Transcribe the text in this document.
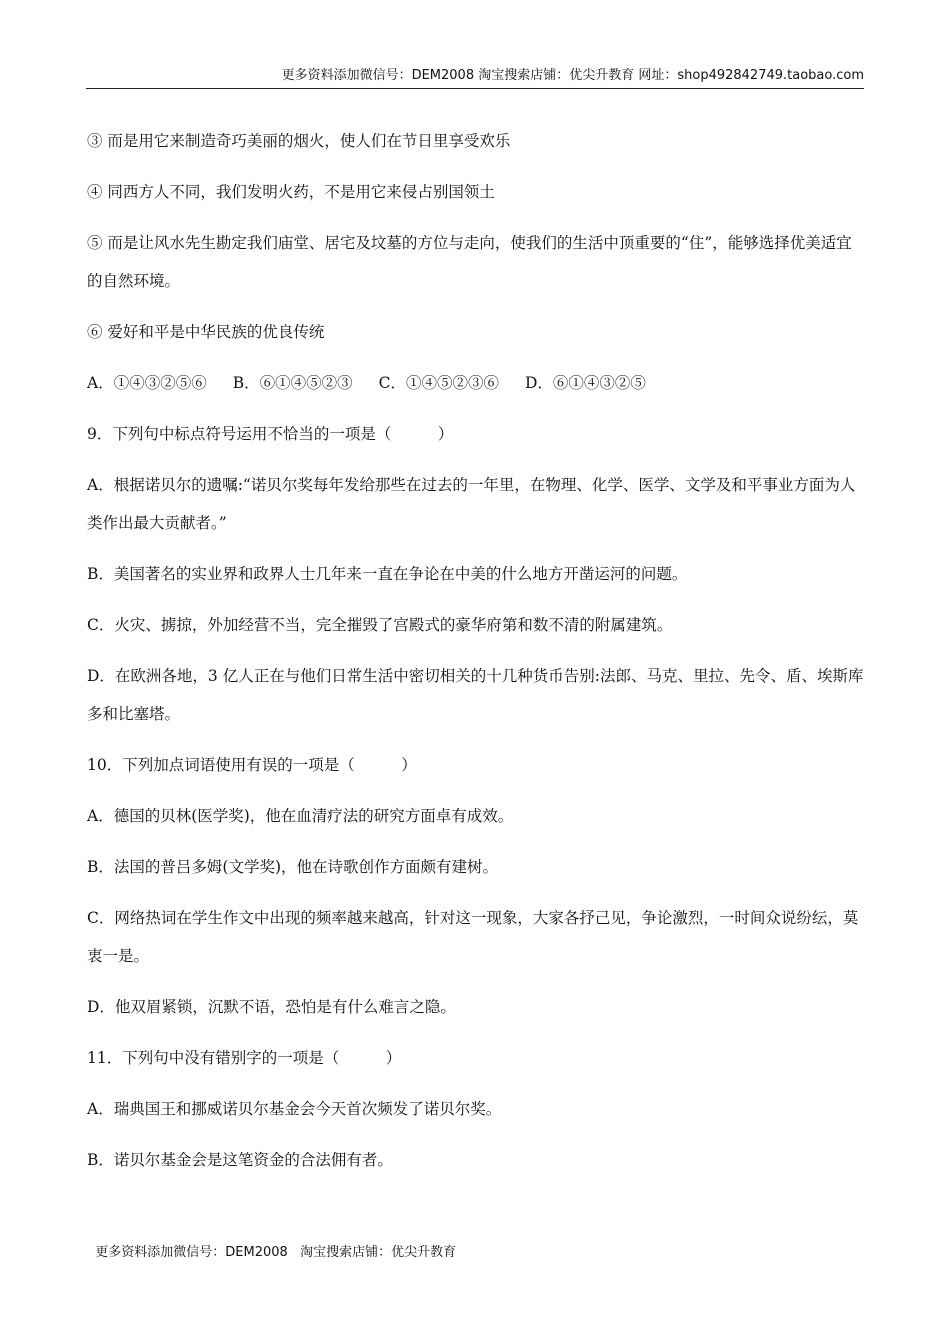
更多资料添加微信号：DEM2008 淘宝搜索店铺：优尖升教育 网址：shop492842749.taobao.com

③ 而是用它来制造奇巧美丽的烟火，使人们在节日里享受欢乐

④ 同西方人不同，我们发明火药，不是用它来侵占别国领土

⑤ 而是让风水先生勘定我们庙堂、居宅及坟墓的方位与走向，使我们的生活中顶重要的“住”，能够选择优美适宜的自然环境。

⑥ 爱好和平是中华民族的优良传统

A．①④③②⑤⑥ B．⑥①④⑤②③ C．①④⑤②③⑥ D．⑥①④③②⑤

9．下列句中标点符号运用不恰当的一项是（　　　）

A．根据诺贝尔的遗嘱:“诺贝尔奖每年发给那些在过去的一年里，在物理、化学、医学、文学及和平事业方面为人类作出最大贡献者。”

B．美国著名的实业界和政界人士几年来一直在争论在中美的什么地方开凿运河的问题。

C．火灾、掳掠，外加经营不当，完全摧毁了宫殿式的豪华府第和数不清的附属建筑。

D．在欧洲各地，3 亿人正在与他们日常生活中密切相关的十几种货币告别:法郎、马克、里拉、先令、盾、埃斯库多和比塞塔。

10．下列加点词语使用有误的一项是（　　　）

A．德国的贝林(医学奖)，他在血清疗法的研究方面卓有成效。

B．法国的普吕多姆(文学奖)，他在诗歌创作方面颇有建树。

C．网络热词在学生作文中出现的频率越来越高，针对这一现象，大家各抒己见，争论激烈，一时间众说纷纭，莫衷一是。

D．他双眉紧锁，沉默不语，恐怕是有什么难言之隐。

11．下列句中没有错别字的一项是（　　　）

A．瑞典国王和挪威诺贝尔基金会今天首次频发了诺贝尔奖。

B．诺贝尔基金会是这笔资金的合法佣有者。

更多资料添加微信号：DEM2008   淘宝搜索店铺：优尖升教育
